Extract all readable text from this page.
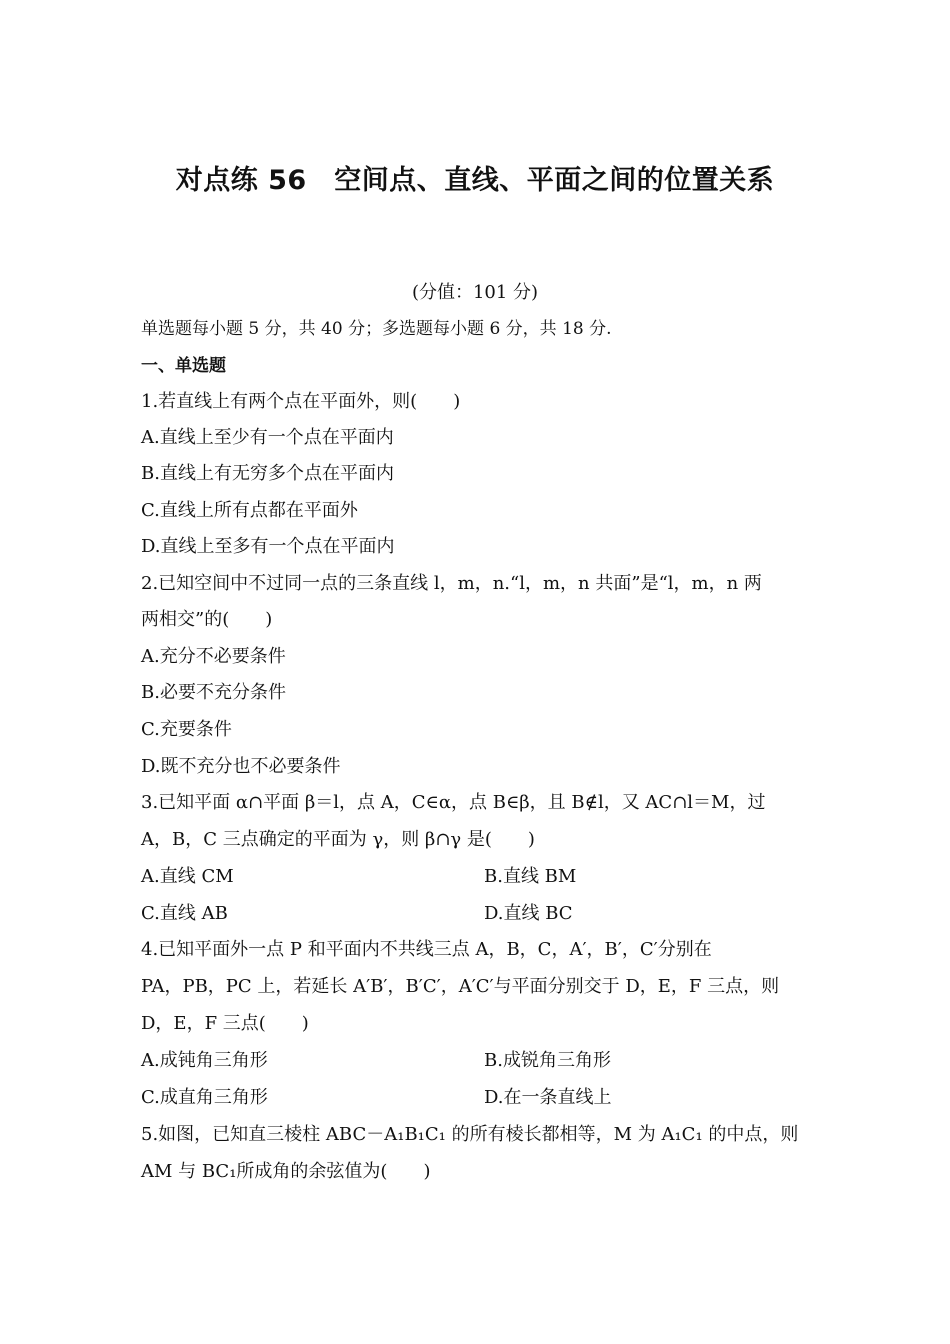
对点练 56　空间点、直线、平面之间的位置关系
(分值：101 分)
单选题每小题 5 分，共 40 分；多选题每小题 6 分，共 18 分.
一、单选题
1.若直线上有两个点在平面外，则(　　)
A.直线上至少有一个点在平面内
B.直线上有无穷多个点在平面内
C.直线上所有点都在平面外
D.直线上至多有一个点在平面内
2.已知空间中不过同一点的三条直线 l，m，n.“l，m，n 共面”是“l，m，n 两
两相交”的(　　)
A.充分不必要条件
B.必要不充分条件
C.充要条件
D.既不充分也不必要条件
3.已知平面 α∩平面 β＝l，点 A，C∈α，点 B∈β，且 B∉l，又 AC∩l＝M，过
A，B，C 三点确定的平面为 γ，则 β∩γ 是(　　)
A.直线 CM	B.直线 BM
C.直线 AB	D.直线 BC
4.已知平面外一点 P 和平面内不共线三点 A，B，C，A′，B′，C′分别在
PA，PB，PC 上，若延长 A′B′，B′C′，A′C′与平面分别交于 D，E，F 三点，则
D，E，F 三点(　　)
A.成钝角三角形	B.成锐角三角形
C.成直角三角形	D.在一条直线上
5.如图，已知直三棱柱 ABC－A₁B₁C₁ 的所有棱长都相等，M 为 A₁C₁ 的中点，则
AM 与 BC₁所成角的余弦值为(　　)
